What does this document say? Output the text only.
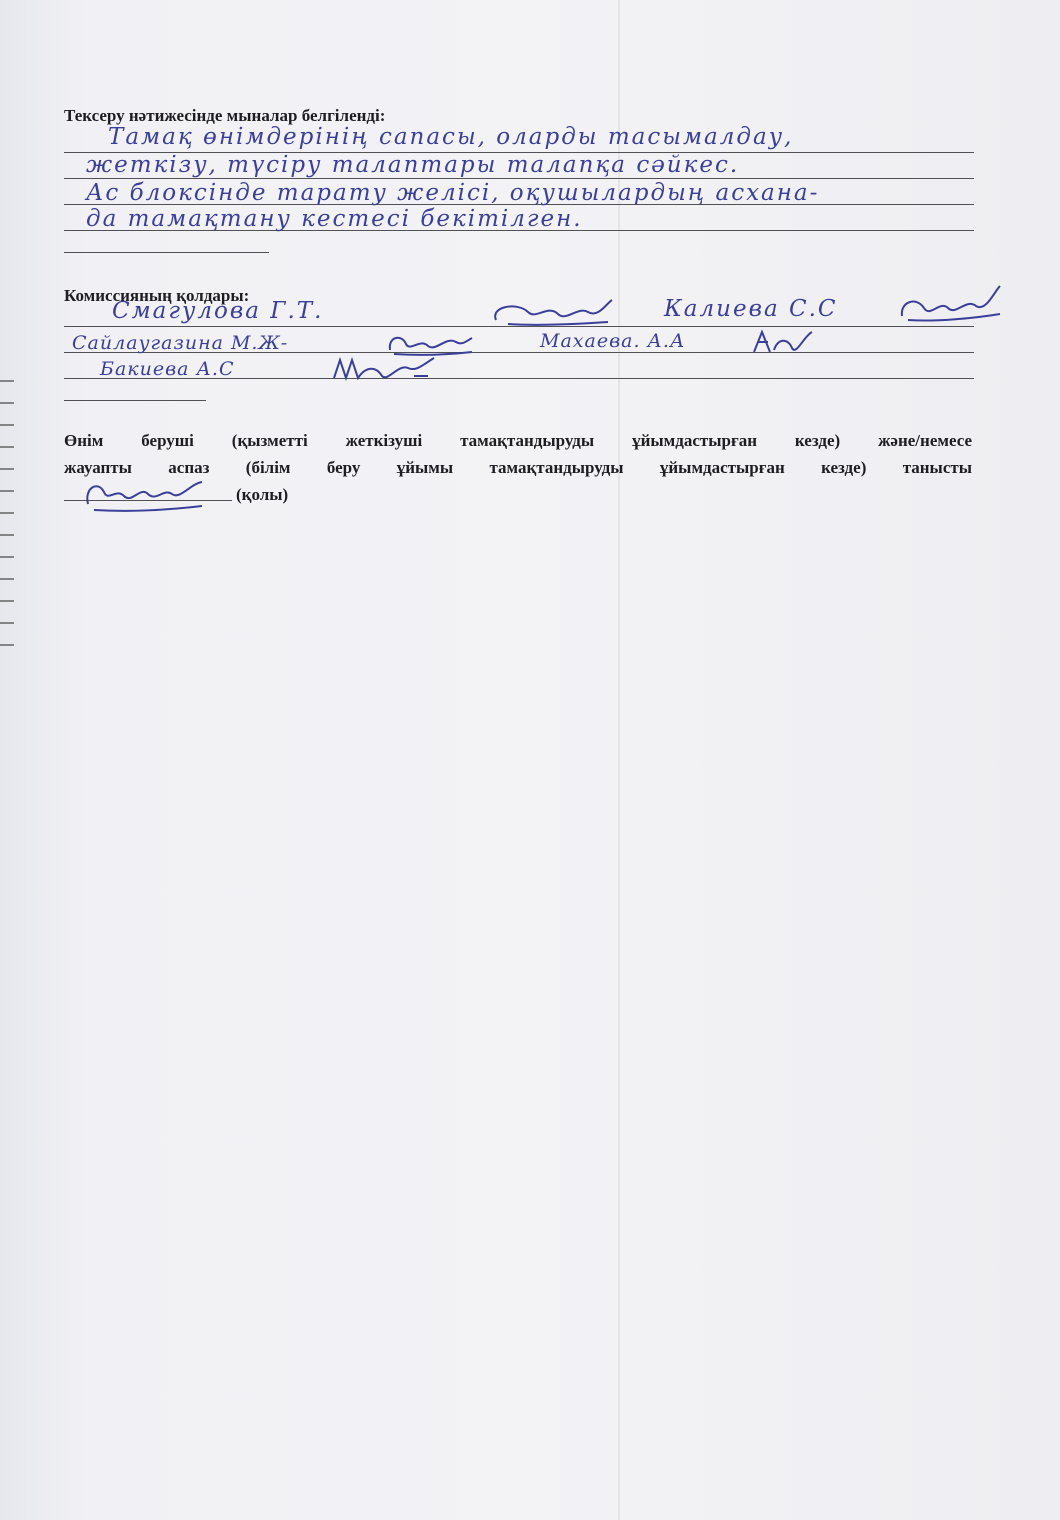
Тексеру нәтижесінде мыналар белгіленді:
Тамақ өнімдерінің сапасы, оларды тасымалдау,
жеткізу, түсіру талаптары талапқа сәйкес.
Ас блоксінде тарату желісі, оқушылардың асхана-
да тамақтану кестесі бекітілген.
Комиссияның қолдары:
Смагулова Г.Т.	Калиева С.С
Сайлаугазина М.Ж-	Махаева. А.А
Бакиева А.С
Өнім беруші (қызметті жеткізуші тамақтандыруды ұйымдастырған кезде) және/немесе
жауапты аспаз (білім беру ұйымы тамақтандыруды ұйымдастырған кезде) танысты
(қолы)
